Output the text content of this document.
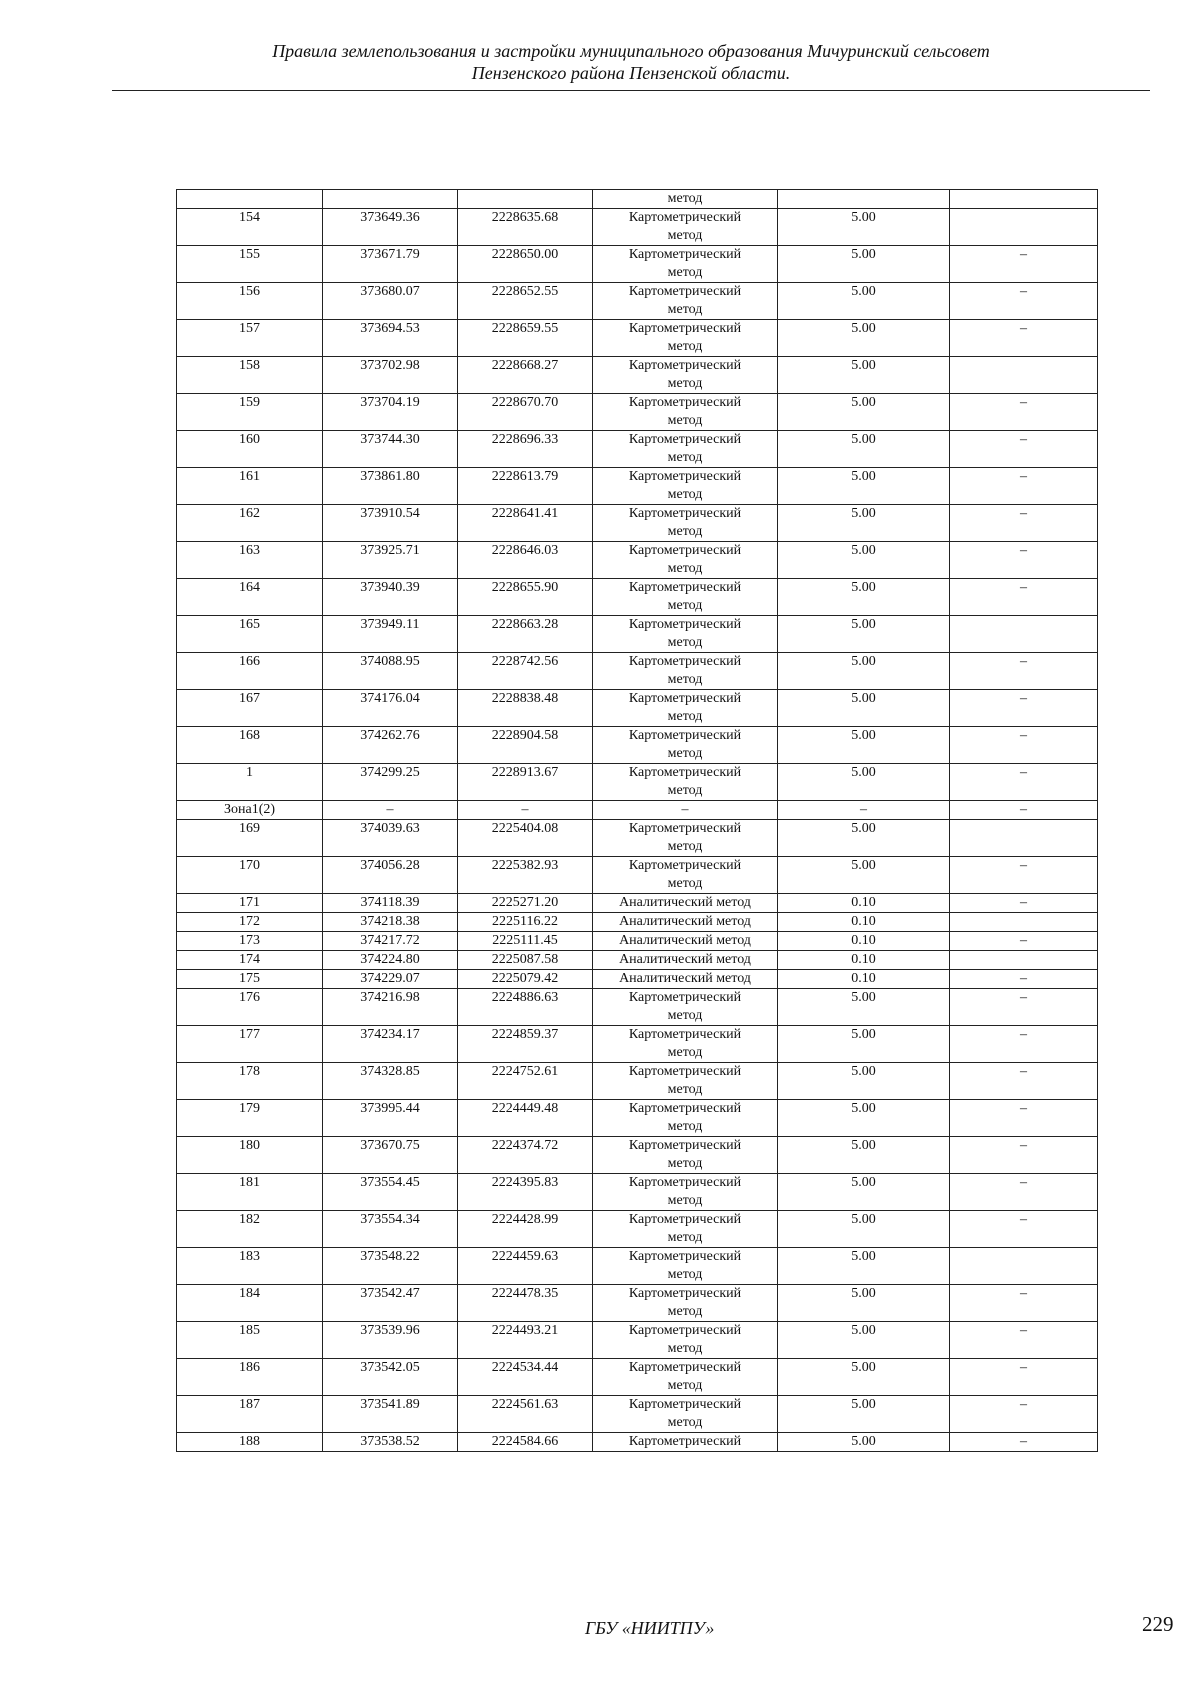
Правила землепользования и застройки муниципального образования Мичуринский сельсовет
Пензенского района Пензенской области.
			метод		
154	373649.36	2228635.68	Картометрический
метод	5.00	
155	373671.79	2228650.00	Картометрический
метод	5.00	–
156	373680.07	2228652.55	Картометрический
метод	5.00	–
157	373694.53	2228659.55	Картометрический
метод	5.00	–
158	373702.98	2228668.27	Картометрический
метод	5.00	
159	373704.19	2228670.70	Картометрический
метод	5.00	–
160	373744.30	2228696.33	Картометрический
метод	5.00	–
161	373861.80	2228613.79	Картометрический
метод	5.00	–
162	373910.54	2228641.41	Картометрический
метод	5.00	–
163	373925.71	2228646.03	Картометрический
метод	5.00	–
164	373940.39	2228655.90	Картометрический
метод	5.00	–
165	373949.11	2228663.28	Картометрический
метод	5.00	
166	374088.95	2228742.56	Картометрический
метод	5.00	–
167	374176.04	2228838.48	Картометрический
метод	5.00	–
168	374262.76	2228904.58	Картометрический
метод	5.00	–
1	374299.25	2228913.67	Картометрический
метод	5.00	–
Зона1(2)	–	–	–	–	–
169	374039.63	2225404.08	Картометрический
метод	5.00	
170	374056.28	2225382.93	Картометрический
метод	5.00	–
171	374118.39	2225271.20	Аналитический метод	0.10	–
172	374218.38	2225116.22	Аналитический метод	0.10	
173	374217.72	2225111.45	Аналитический метод	0.10	–
174	374224.80	2225087.58	Аналитический метод	0.10	
175	374229.07	2225079.42	Аналитический метод	0.10	–
176	374216.98	2224886.63	Картометрический
метод	5.00	–
177	374234.17	2224859.37	Картометрический
метод	5.00	–
178	374328.85	2224752.61	Картометрический
метод	5.00	–
179	373995.44	2224449.48	Картометрический
метод	5.00	–
180	373670.75	2224374.72	Картометрический
метод	5.00	–
181	373554.45	2224395.83	Картометрический
метод	5.00	–
182	373554.34	2224428.99	Картометрический
метод	5.00	–
183	373548.22	2224459.63	Картометрический
метод	5.00	
184	373542.47	2224478.35	Картометрический
метод	5.00	–
185	373539.96	2224493.21	Картометрический
метод	5.00	–
186	373542.05	2224534.44	Картометрический
метод	5.00	–
187	373541.89	2224561.63	Картометрический
метод	5.00	–
188	373538.52	2224584.66	Картометрический	5.00	–
ГБУ «НИИТПУ»	229
